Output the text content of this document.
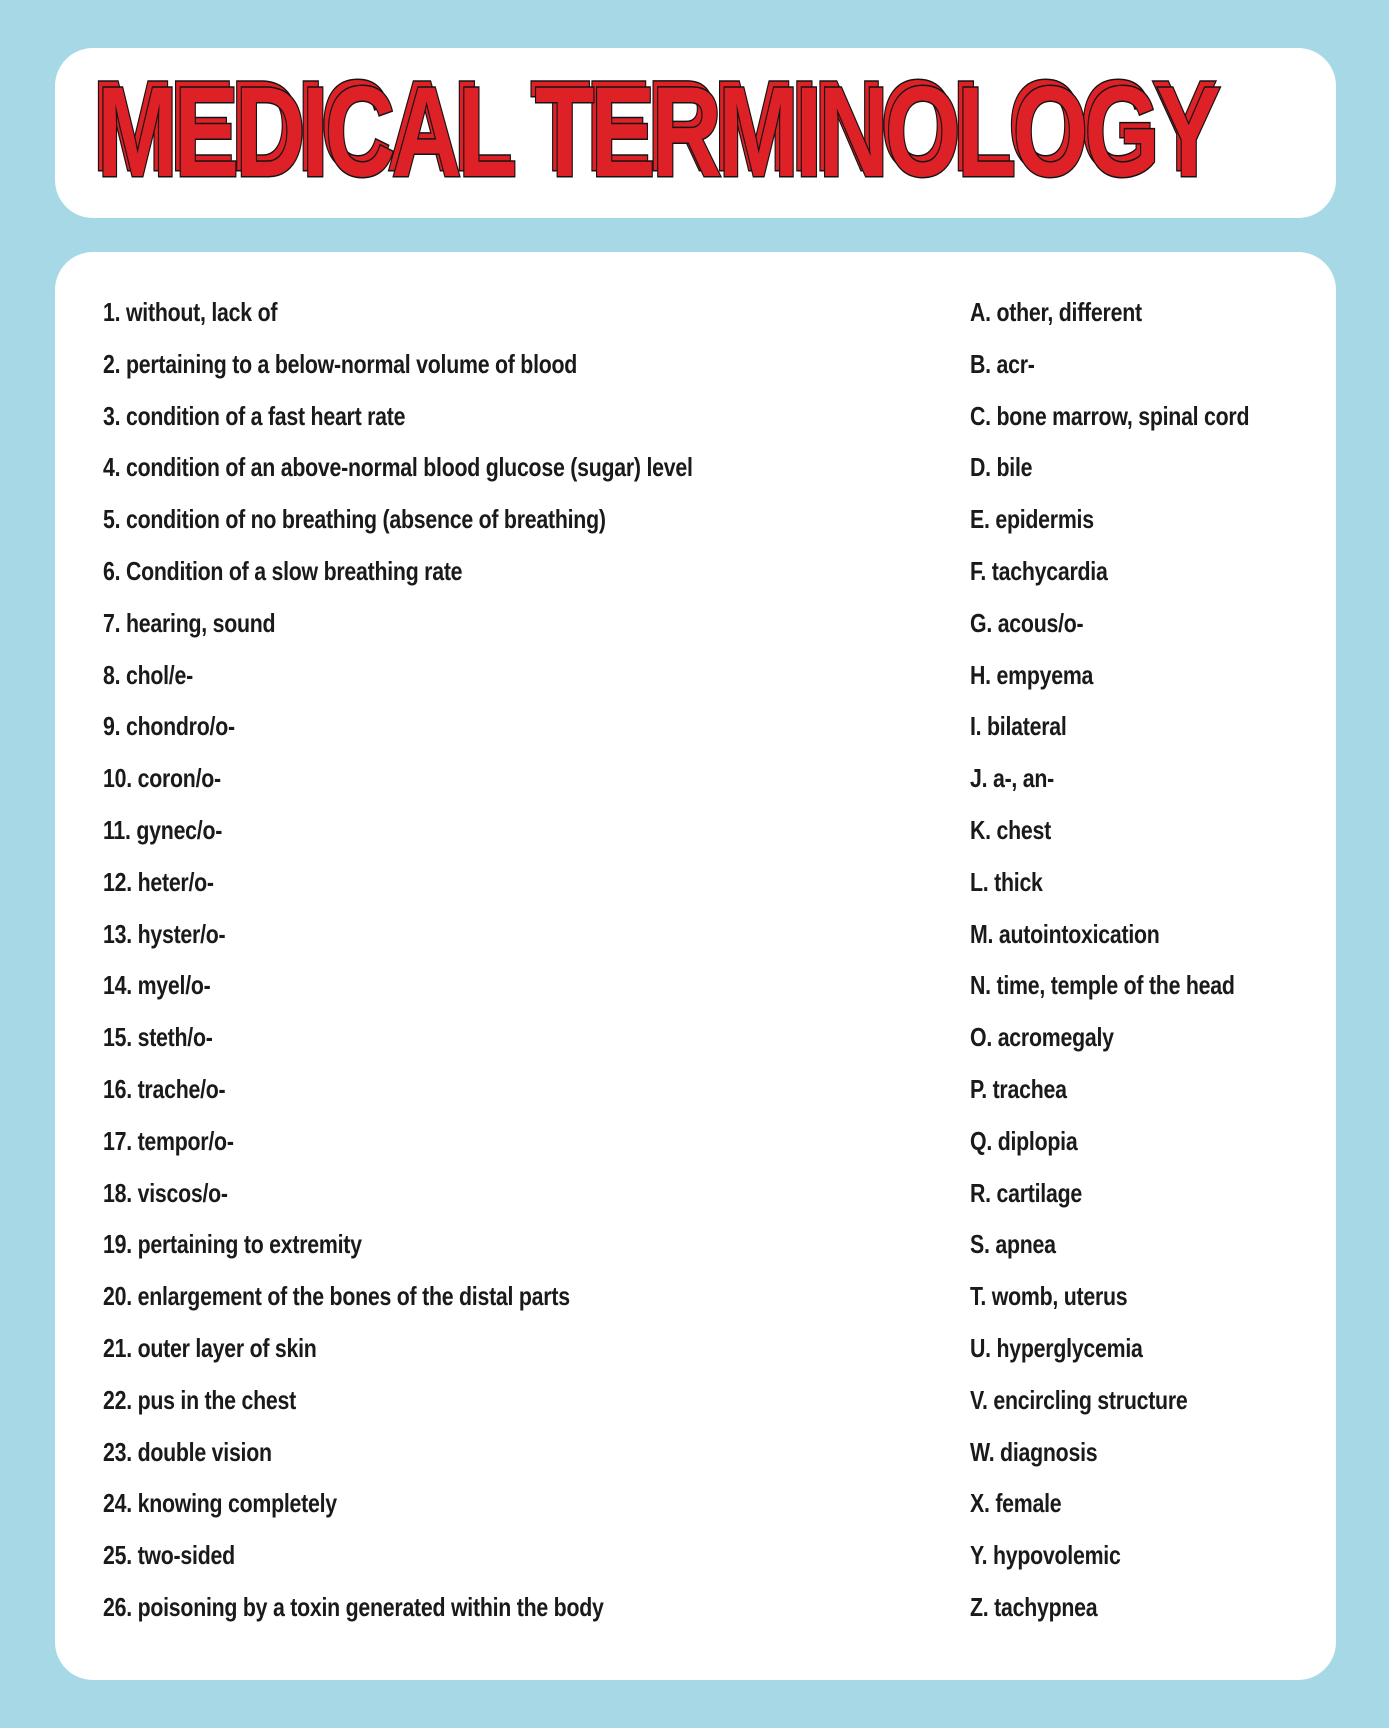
MEDICAL TERMINOLOGY MEDICAL TERMINOLOGY
1. without, lack of
2. pertaining to a below-normal volume of blood
3. condition of a fast heart rate
4. condition of an above-normal blood glucose (sugar) level
5. condition of no breathing (absence of breathing)
6. Condition of a slow breathing rate
7. hearing, sound
8. chol/e-
9. chondro/o-
10. coron/o-
11. gynec/o-
12. heter/o-
13. hyster/o-
14. myel/o-
15. steth/o-
16. trache/o-
17. tempor/o-
18. viscos/o-
19. pertaining to extremity
20. enlargement of the bones of the distal parts
21. outer layer of skin
22. pus in the chest
23. double vision
24. knowing completely
25. two-sided
26. poisoning by a toxin generated within the body
A. other, different
B. acr-
C. bone marrow, spinal cord
D. bile
E. epidermis
F. tachycardia
G. acous/o-
H. empyema
I. bilateral
J. a-, an-
K. chest
L. thick
M. autointoxication
N. time, temple of the head
O. acromegaly
P. trachea
Q. diplopia
R. cartilage
S. apnea
T. womb, uterus
U. hyperglycemia
V. encircling structure
W. diagnosis
X. female
Y. hypovolemic
Z. tachypnea
